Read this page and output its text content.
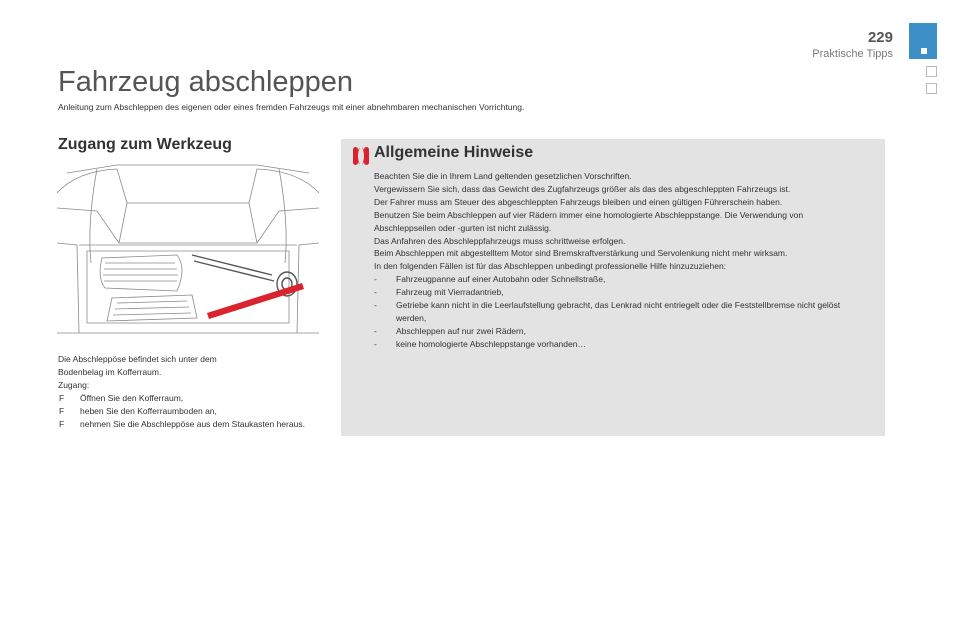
229
Praktische Tipps
Fahrzeug abschleppen
Anleitung zum Abschleppen des eigenen oder eines fremden Fahrzeugs mit einer abnehmbaren mechanischen Vorrichtung.
Zugang zum Werkzeug

Die Abschleppöse befindet sich unter dem

Bodenbelag im Kofferraum.

Zugang:

F Öffnen Sie den Kofferraum,
F heben Sie den Kofferraumboden an,
F nehmen Sie die Abschleppöse aus dem Staukasten heraus.
Allgemeine Hinweise

Beachten Sie die in Ihrem Land geltenden gesetzlichen Vorschriften.

Vergewissern Sie sich, dass das Gewicht des Zugfahrzeugs größer als das des abgeschleppten Fahrzeugs ist.

Der Fahrer muss am Steuer des abgeschleppten Fahrzeugs bleiben und einen gültigen Führerschein haben.

Benutzen Sie beim Abschleppen auf vier Rädern immer eine homologierte Abschleppstange. Die Verwendung von Abschleppseilen oder -gurten ist nicht zulässig.

Das Anfahren des Abschleppfahrzeugs muss schrittweise erfolgen.

Beim Abschleppen mit abgestelltem Motor sind Bremskraftverstärkung und Servolenkung nicht mehr wirksam.

In den folgenden Fällen ist für das Abschleppen unbedingt professionelle Hilfe hinzuzuziehen:

- Fahrzeugpanne auf einer Autobahn oder Schnellstraße,
- Fahrzeug mit Vierradantrieb,
- Getriebe kann nicht in die Leerlaufstellung gebracht, das Lenkrad nicht entriegelt oder die Feststellbremse nicht gelöst werden,
- Abschleppen auf nur zwei Rädern,
- keine homologierte Abschleppstange vorhanden…
